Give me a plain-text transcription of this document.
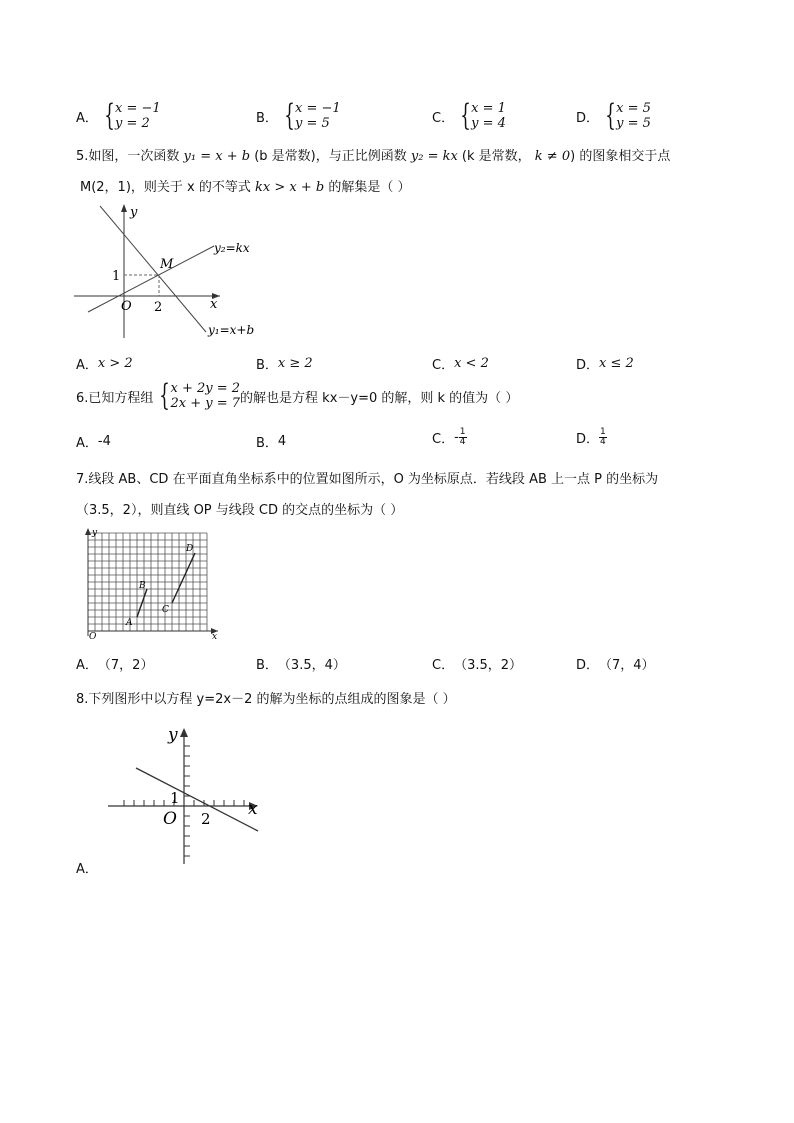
A． { x = −1
y = 2	B． { x = −1
y = 5	C． { x = 1
y = 4	D． { x = 5
y = 5
5.如图，一次函数 y₁ = x + b (b 是常数)，与正比例函数 y₂ = kx (k 是常数， k ≠ 0) 的图象相交于点
M(2，1)，则关于 x 的不等式 kx > x + b 的解集是（ ）
y
x
O 2
1
M
y₂=kx
y₁=x+b
A． x > 2	B． x ≥ 2	C． x < 2	D． x ≤ 2
6.已知方程组 { x + 2y = 2
2x + y = 7 的解也是方程 kx－y=0 的解，则 k 的值为（ ）
A． -4	B． 4	C． - $\frac{1}{4}$	D． $\frac{1}{4}$
7.线段 AB、CD 在平面直角坐标系中的位置如图所示，O 为坐标原点．若线段 AB 上一点 P 的坐标为
（3.5，2），则直线 OP 与线段 CD 的交点的坐标为（ ）
y
x
O
A
B
C
D
A． （7，2）	B． （3.5，4）	C． （3.5，2）	D． （7，4）
8.下列图形中以方程 y=2x－2 的解为坐标的点组成的图象是（ ）
y
x
O
1
2
A．
